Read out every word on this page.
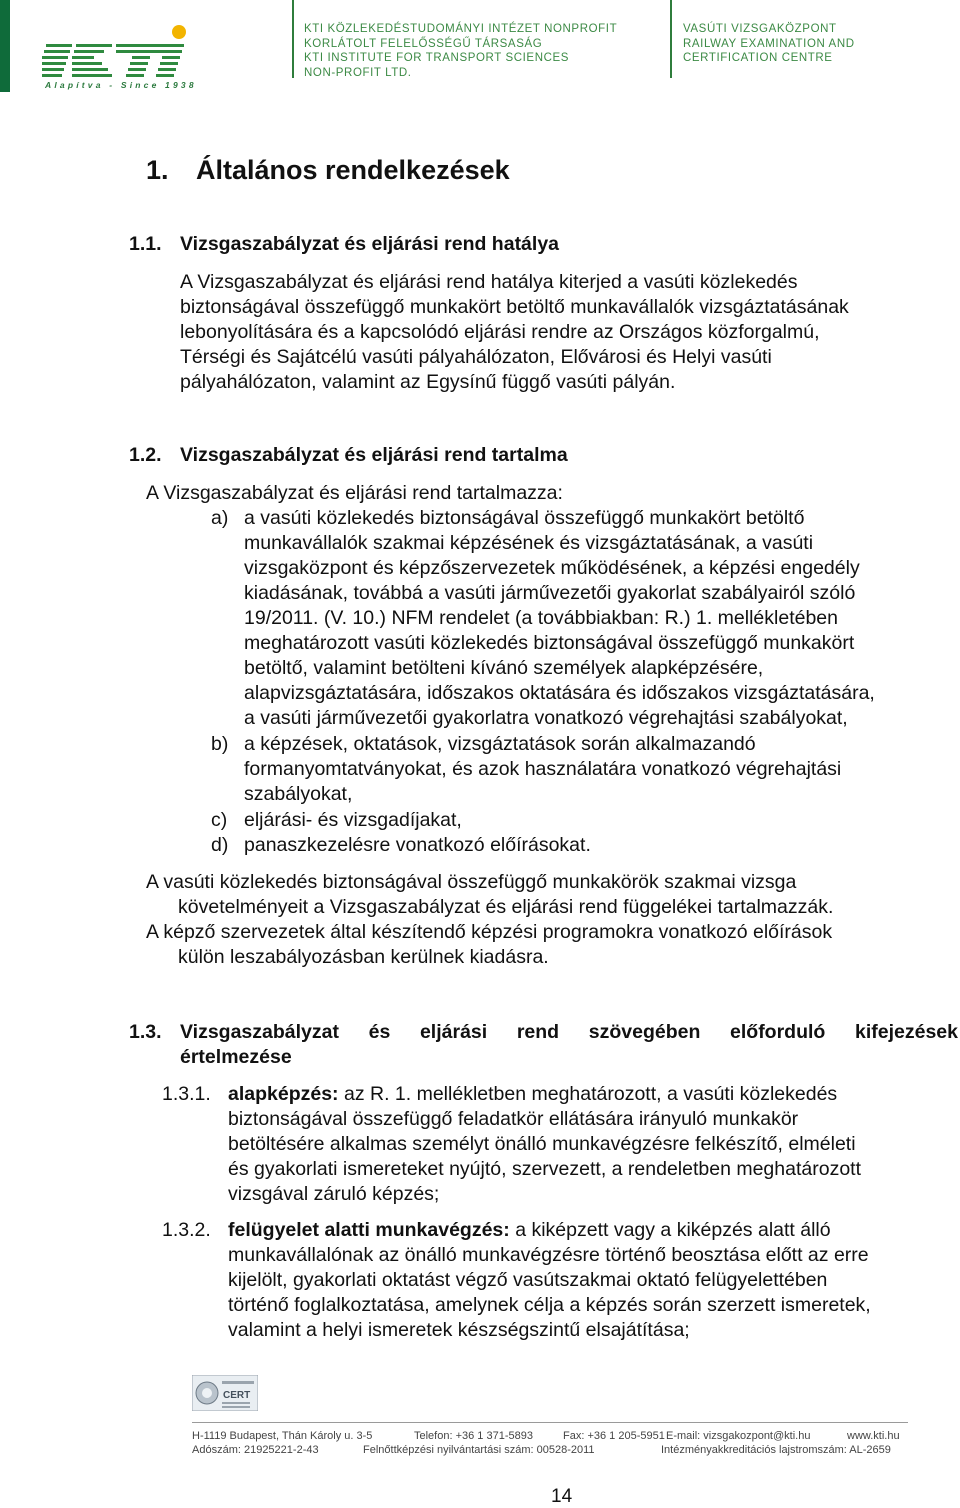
Alapítva - Since 1938
KTI KÖZLEKEDÉSTUDOMÁNYI INTÉZET NONPROFIT
KORLÁTOLT FELELŐSSÉGŰ TÁRSASÁG
KTI INSTITUTE FOR TRANSPORT SCIENCES
NON-PROFIT LTD.
VASÚTI VIZSGAKÖZPONT
RAILWAY EXAMINATION AND
CERTIFICATION CENTRE
1. Általános rendelkezések
1.1. Vizsgaszabályzat és eljárási rend hatálya
A Vizsgaszabályzat és eljárási rend hatálya kiterjed a vasúti közlekedés
biztonságával összefüggő munkakört betöltő munkavállalók vizsgáztatásának
lebonyolítására és a kapcsolódó eljárási rendre az Országos közforgalmú,
Térségi és Sajátcélú vasúti pályahálózaton, Elővárosi és Helyi vasúti
pályahálózaton, valamint az Egysínű függő vasúti pályán.
1.2. Vizsgaszabályzat és eljárási rend tartalma
A Vizsgaszabályzat és eljárási rend tartalmazza:
a) a vasúti közlekedés biztonságával összefüggő munkakört betöltő
munkavállalók szakmai képzésének és vizsgáztatásának, a vasúti
vizsgaközpont és képzőszervezetek működésének, a képzési engedély
kiadásának, továbbá a vasúti járművezetői gyakorlat szabályairól szóló
19/2011. (V. 10.) NFM rendelet (a továbbiakban: R.) 1. mellékletében
meghatározott vasúti közlekedés biztonságával összefüggő munkakört
betöltő, valamint betölteni kívánó személyek alapképzésére,
alapvizsgáztatására, időszakos oktatására és időszakos vizsgáztatására,
a vasúti járművezetői gyakorlatra vonatkozó végrehajtási szabályokat,
b) a képzések, oktatások, vizsgáztatások során alkalmazandó
formanyomtatványokat, és azok használatára vonatkozó végrehajtási
szabályokat,
c) eljárási- és vizsgadíjakat,
d) panaszkezelésre vonatkozó előírásokat.
A vasúti közlekedés biztonságával összefüggő munkakörök szakmai vizsga
követelményeit a Vizsgaszabályzat és eljárási rend függelékei tartalmazzák.
A képző szervezetek által készítendő képzési programokra vonatkozó előírások
külön leszabályozásban kerülnek kiadásra.
1.3. Vizsgaszabályzat és eljárási rend szövegében előforduló kifejezések
értelmezése
1.3.1. alapképzés: az R. 1. mellékletben meghatározott, a vasúti közlekedés
biztonságával összefüggő feladatkör ellátására irányuló munkakör
betöltésére alkalmas személyt önálló munkavégzésre felkészítő, elméleti
és gyakorlati ismereteket nyújtó, szervezett, a rendeletben meghatározott
vizsgával záruló képzés;
1.3.2. felügyelet alatti munkavégzés: a kiképzett vagy a kiképzés alatt álló
munkavállalónak az önálló munkavégzésre történő beosztása előtt az erre
kijelölt, gyakorlati oktatást végző vasútszakmai oktató felügyelettében
történő foglalkoztatása, amelynek célja a képzés során szerzett ismeretek,
valamint a helyi ismeretek készségszintű elsajátítása;
CERT
H-1119 Budapest, Thán Károly u. 3-5	Telefon: +36 1 371-5893	Fax: +36 1 205-5951 E-mail: vizsgakozpont@kti.hu	www.kti.hu
Adószám: 21925221-2-43	Felnőttképzési nyilvántartási szám: 00528-2011	Intézményakkreditációs lajstromszám: AL-2659
14
